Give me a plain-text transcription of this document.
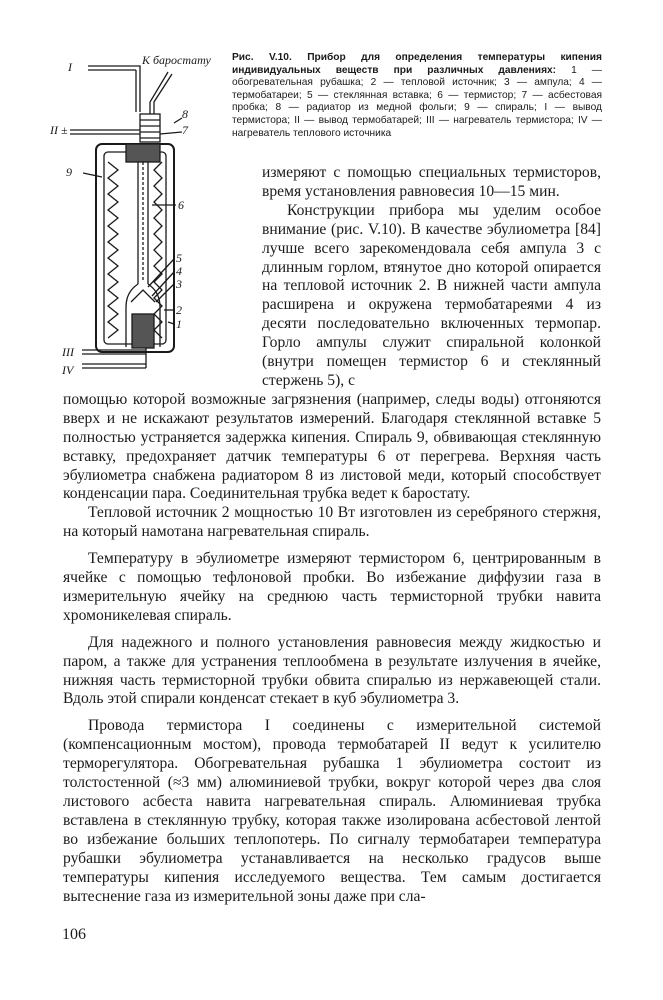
I	К баростату
8
II ±	7
9
6
5
4
3
2
1
III
IV
Рис. V.10. Прибор для определения температуры кипения индивидуальных веществ при различных давлениях: 1 — обогревательная рубашка; 2 — тепловой источник; 3 — ампула; 4 — термобатареи; 5 — стеклянная вставка; 6 — термистор; 7 — асбестовая пробка; 8 — радиатор из медной фольги; 9 — спираль; I — вывод термистора; II — вывод термобатарей; III — нагреватель термистора; IV — нагреватель теплового источника

измеряют с помощью специальных термисторов, время установления равновесия 10—15 мин.

Конструкции прибора мы уделим особое внимание (рис. V.10). В качестве эбулиометра [84] лучше всего зарекомендовала себя ампула 3 с длинным горлом, втянутое дно которой опирается на тепловой источник 2. В нижней части ампула расширена и окружена термобатареями 4 из десяти последовательно включенных термопар. Горло ампулы служит спиральной колонкой (внутри помещен термистор 6 и стеклянный стержень 5), с

помощью которой возможные загрязнения (например, следы воды) отгоняются вверх и не искажают результатов измерений. Благодаря стеклянной вставке 5 полностью устраняется задержка кипения. Спираль 9, обвивающая стеклянную вставку, предохраняет датчик температуры 6 от перегрева. Верхняя часть эбулиометра снабжена радиатором 8 из листовой меди, который способствует конденсации пара. Соединительная трубка ведет к баростату.

Тепловой источник 2 мощностью 10 Вт изготовлен из серебряного стержня, на который намотана нагревательная спираль.

Температуру в эбулиометре измеряют термистором 6, центрированным в ячейке с помощью тефлоновой пробки. Во избежание диффузии газа в измерительную ячейку на среднюю часть термисторной трубки навита хромоникелевая спираль.

Для надежного и полного установления равновесия между жидкостью и паром, а также для устранения теплообмена в результате излучения в ячейке, нижняя часть термисторной трубки обвита спиралью из нержавеющей стали. Вдоль этой спирали конденсат стекает в куб эбулиометра 3.

Провода термистора I соединены с измерительной системой (компенсационным мостом), провода термобатарей II ведут к усилителю терморегулятора. Обогревательная рубашка 1 эбулиометра состоит из толстостенной (≈3 мм) алюминиевой трубки, вокруг которой через два слоя листового асбеста навита нагревательная спираль. Алюминиевая трубка вставлена в стеклянную трубку, которая также изолирована асбестовой лентой во избежание больших теплопотерь. По сигналу термобатареи температура рубашки эбулиометра устанавливается на несколько градусов выше температуры кипения исследуемого вещества. Тем самым достигается вытеснение газа из измерительной зоны даже при сла-

106
